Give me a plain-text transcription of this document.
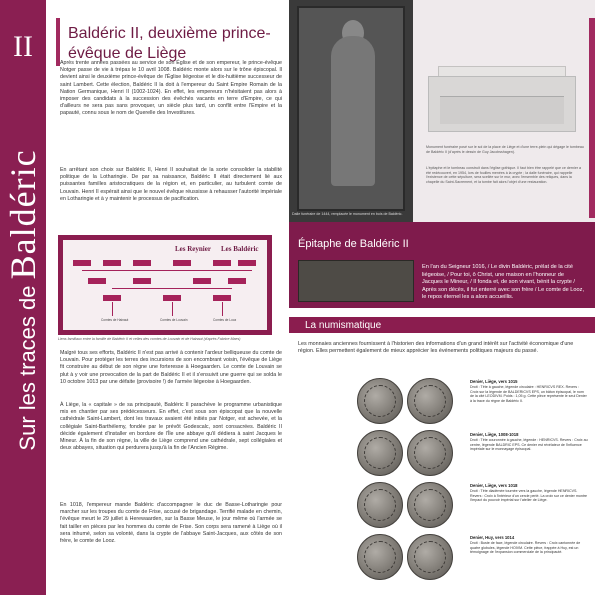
II
Sur les traces de Baldéric
Baldéric II, deuxième prince-évêque de Liège
Après trente années passées au service de son Église et de son empereur, le prince-évêque Notger passe de vie à trépas le 10 avril 1008. Baldéric monte alors sur le trône épiscopal. Il devient ainsi le deuxième prince-évêque de l'Église liégeoise et le dix-huitième successeur de saint Lambert. Cette élection, Baldéric II la doit à l'empereur du Saint Empire Romain de la Nation Germanique, Henri II (1002-1024). En effet, les empereurs n'hésitaient pas alors à imposer des candidats à la succession des évêchés vacants en terre d'Empire, ce qui d'ailleurs ne sera pas sans provoquer, un siècle plus tard, un conflit entre l'Empire et la papauté, connu sous le nom de Querelle des Investitures.
En arrêtant son choix sur Baldéric II, Henri II souhaitait de la sorte consolider la stabilité politique de la Lotharingie. De par sa naissance, Baldéric II était directement lié aux puissantes familles aristocratiques de la région et, en particulier, au turbulent comte de Louvain. Henri II espérait ainsi que le nouvel évêque réussisse à rehausser l'autorité impériale en Lotharingie et à y maintenir le processus de pacification.
Malgré tous ses efforts, Baldéric II n'est pas arrivé à contenir l'ardeur belliqueuse du comte de Louvain. Pour protéger les terres des incursions de son encombrant voisin, l'évêque de Liège fit construire au début de son règne une forteresse à Hoegaarden. Le comte de Louvain se plut à y voir une provocation de la part de Baldéric II et il s'ensuivit une guerre qui se solda le 10 octobre 1013 par une défaite (provisoire !) de l'armée liégeoise à Hoegaarden.
À Liège, la « capitale » de sa principauté, Baldéric II parachève le programme urbanistique mis en chantier par ses prédécesseurs. En effet, c'est sous son épiscopat que la nouvelle cathédrale Saint-Lambert, dont les travaux avaient été initiés par Notger, est achevée, et la collégiale Saint-Barthélemy, fondée par le prévôt Godescalc, sont consacrées. Baldéric II décide également d'installer en bordure de l'Île une abbaye qu'il dédiera à saint Jacques le Mineur. À la fin de son règne, la ville de Liège comprend une cathédrale, sept collégiales et deux abbayes, situation qui perdurera jusqu'à la fin de l'Ancien Régime.
En 1018, l'empereur mande Baldéric d'accompagner le duc de Basse-Lotharingie pour marcher sur les troupes du comte de Frise, accusé de brigandage. Terrifié malade en chemin, l'évêque meurt le 29 juillet à Herewaarden, sur la Basse Meuse, le jour même où l'armée se fait tailler en pièces par les hommes du comte de Frise. Son corps sera ramené à Liège où il sera inhumé, selon sa volonté, dans la crypte de l'abbaye Saint-Jacques, aux côtés de son frère, le comte de Looz.
Les Reynier Les Baldéric
Comtes de Hainaut	Comtes de Louvain	Comtes de Looz
Liens familiaux entre la famille de Baldéric II et celles des comtes de Louvain et de Hainaut (d'après Fabrice Maes)
Dalle funéraire de 1444, remplacée le monument en bois de Baldéric.
Monument funéraire posé sur le sol de la place de Liège et d'une terre-plein qui dégage le tombeau de Baldéric II (d'après le dessin de Guy Jacobsshagen).
L'épitaphe et le tombeau construit dans l'église gothique. Il faut bien être rappelé que ce dernier a été redécouvert, en 1954, lors de fouilles menées à la crypte ; la dalle funéraire, qui rappelle l'existence de cette sépulture, sera scellée sur le mur, avec l'ensemble des reliques, dans la chapelle du Saint-Sacrement, et la tombe fait alors l'objet d'une restauration.
Épitaphe de Baldéric II
En l'an du Seigneur 1016, / Le divin Baldéric, prélat de la cité liégeoise, / Pour toi, ô Christ, une maison en l'honneur de Jacques le Mineur, / Il fonda et, de son vivant, bénit la crypte / Après son décès, il fut enterré avec son frère / Le comte de Looz, le repos éternel les a alors accueillis.
La numismatique
Les monnaies anciennes fournissent à l'historien des informations d'un grand intérêt sur l'activité économique d'une région. Elles permettent également de mieux apprécier les événements politiques majeurs du passé.
Denier, Liège, vers 1015
Droit : Tête à gauche, légende circulaire : HENRICVS REX. Revers : Croix sur la légende de BALDERICVS EPS, un bâton épiscopal, le nom de la cité LEODIVM. Poids : 1,05 g. Cette pièce représente le seul Denier à la trace du règne de Baldéric II.
Denier, Liège, 1008-1018
Droit : Tête couronnée à gauche, légende : HENRICVS. Revers : Croix au centre, légende BALDRIC EPS. Ce denier est révélateur de l'influence impériale sur le monnayage épiscopal.
Denier, Liège, vers 1018
Droit : Tête diadémée tournée vers la gauche, légende HENRICVS. Revers : Croix à l'intérieur d'un cercle perlé. La croix sur ce denier montre l'impact du pouvoir impérial sur l'atelier de Liège.
Denier, Huy, vers 1014
Droit : Buste de face, légende circulaire. Revers : Croix cantonnée de quatre globules, légende HOIVM. Cette pièce, frappée à Huy, est un témoignage de l'expansion commerciale de la principauté.
